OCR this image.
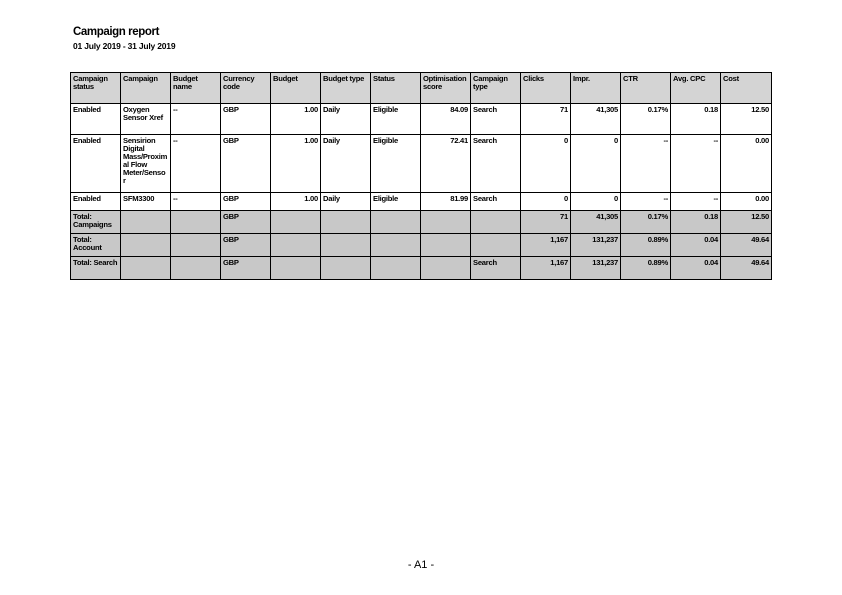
Campaign report
01 July 2019 - 31 July 2019
Campaign status	Campaign	Budget name	Currency code	Budget	Budget type	Status	Optimisation score	Campaign type	Clicks	Impr.	CTR	Avg. CPC	Cost
Enabled	Oxygen Sensor Xref	--	GBP	1.00	Daily	Eligible	84.09	Search	71	41,305	0.17%	0.18	12.50
Enabled	Sensirion Digital Mass/Proximal Flow Meter/Sensor	--	GBP	1.00	Daily	Eligible	72.41	Search	0	0	--	--	0.00
Enabled	SFM3300	--	GBP	1.00	Daily	Eligible	81.99	Search	0	0	--	--	0.00
Total: Campaigns			GBP						71	41,305	0.17%	0.18	12.50
Total: Account			GBP						1,167	131,237	0.89%	0.04	49.64
Total: Search			GBP					Search	1,167	131,237	0.89%	0.04	49.64
- A1 -
